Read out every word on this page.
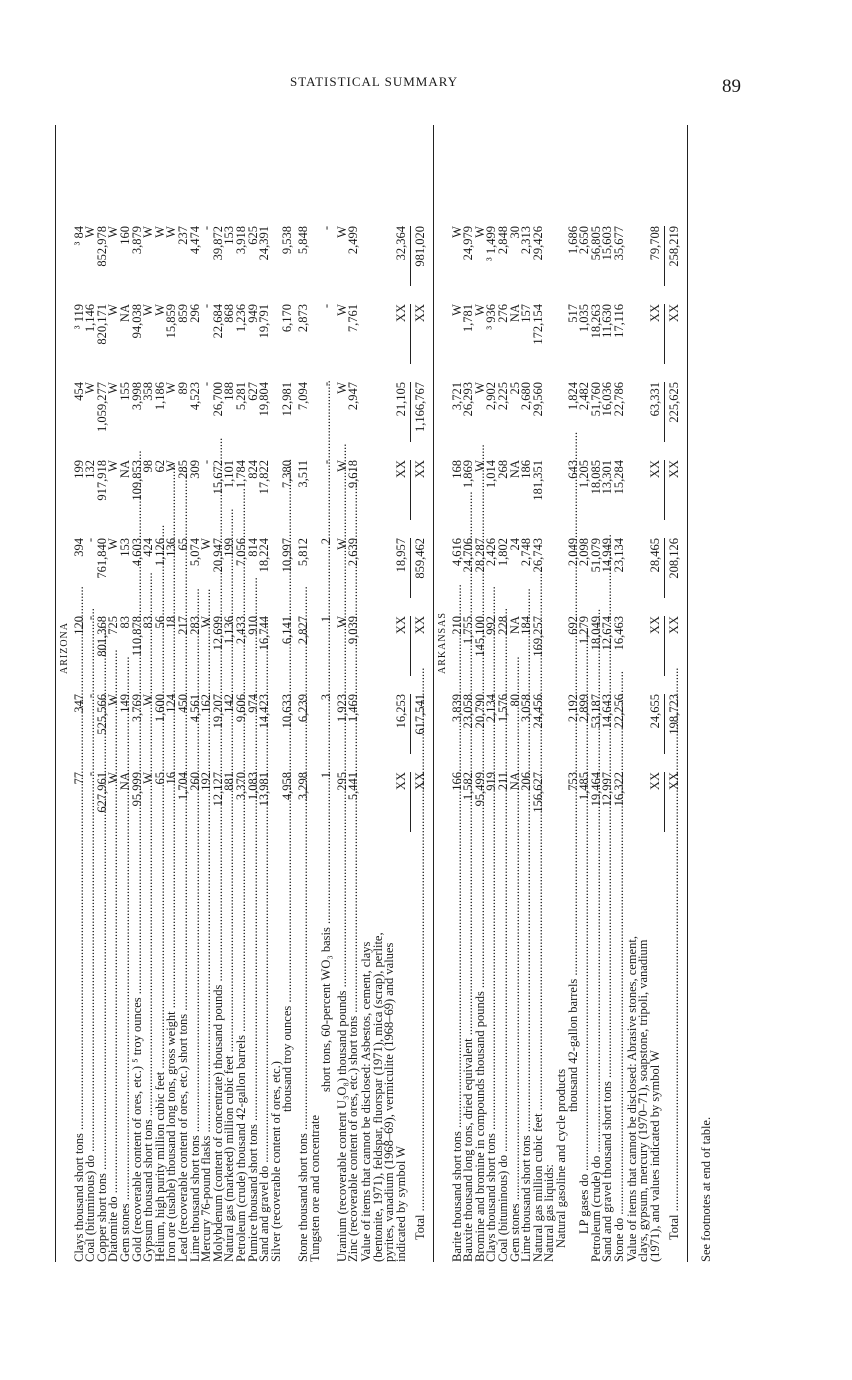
STATISTICAL SUMMARY	89
ARIZONA
Clays thousand short tons .....
77
347
120
394
199
454
³ 119
³ 84
Coal (bituminous) do .....
-
-
-
-
132
W
1,146
W
Copper short tons .....
627,961
525,566
801,368
761,840
917,918
1,059,277
820,171
852,978
Diatomite do .....
W
W
725
W
W
W
W
W
Gem stones .....
NA
149
83
153
NA
155
NA
160
Gold (recoverable content of ores, etc.) ⁵ troy ounces .....
95,999
3,769
110,878
4,603
109,853
3,998
94,038
3,879
Gypsum thousand short tons .....
W
W
83
424
98
358
W
W
Helium, high purity million cubic feet .....
65
1,600
56
1,126
62
1,186
W
W
Iron ore (usable) thousand long tons, gross weight .....
16
124
18
136
W
W
15,859
W
Lead (recoverable content of ores, etc.) short tons .....
1,704
450
217
65
285
89
859
237
Lime thousand short tons .....
260
4,561
283
5,074
309
4,523
296
4,474
Mercury 76-pound flasks .....
192
162
W
W
-
-
-
-
Molybdenum (content of concentrate) thousand pounds .....
12,127
19,207
12,699
20,947
15,672
26,700
22,684
39,872
Natural gas (marketed) million cubic feet .....
881
142
1,136
199
1,101
188
868
153
Petroleum (crude) thousand 42-gallon barrels .....
3,370
9,606
2,433
7,056
1,784
5,281
1,236
3,918
Pumice thousand short tons .....
1,083
974
910
814
824
627
949
625
Sand and gravel do .....
13,981
14,423
16,744
18,224
17,822
19,804
19,791
24,391
Silver (recoverable content of ores, etc.)
thousand troy ounces .....
4,958
10,633
6,141
10,997
7,380
12,981
6,170
9,538
Stone thousand short tons .....
3,298
6,239
2,827
5,812
3,511
7,094
2,873
5,848
Tungsten ore and concentrate
short tons, 60-percent WO₃ basis .....
1
3
1
2
-
-
-
-
Uranium (recoverable content U₃O₈) thousand pounds .....
295
1,923
W
W
W
W
W
W
Zinc (recoverable content of ores, etc.) short tons .....
5,441
1,469
9,039
2,639
9,618
2,947
7,761
2,499
Value of items that cannot be disclosed: Asbestos, cement, clays (bentonite, 1971), feldspar, fluorspar (1971), mica (scrap), perlite, pyrites, vanadium (1968–69), vermiculite (1968–69) and values indicated by symbol W
XX
16,253
XX
18,957
XX
21,105
XX
32,364
Total .....
XX
617,541
XX
859,462
XX
1,166,767
XX
981,020
ARKANSAS
Barite thousand short tons .....
166
3,839
210
4,616
168
3,721
W
W
Bauxite thousand long tons, dried equivalent .....
1,582
23,058
1,755
24,706
1,869
26,293
1,781
24,979
Bromine and bromine in compounds thousand pounds .....
95,499
20,790
145,100
28,287
W
W
W
W
Clays thousand short tons .....
919
2,134
992
2,426
1,014
2,902
³ 936
³ 1,499
Coal (bituminous) do .....
211
1,576
228
1,802
268
2,225
276
2,848
Gem stones .....
NA
80
NA
24
NA
25
NA
30
Lime thousand short tons .....
206
3,058
184
2,748
186
2,680
157
2,313
Natural gas million cubic feet .....
156,627
24,456
169,257
26,743
181,351
29,560
172,154
29,426
Natural gas liquids:
Natural gasoline and cycle products
thousand 42-gallon barrels .....
753
2,192
692
2,049
643
1,824
517
1,686
LP gases do .....
1,485
2,899
1,279
2,098
1,205
2,482
1,035
2,650
Petroleum (crude) do .....
19,464
53,187
18,049
51,079
18,085
51,760
18,263
56,805
Sand and gravel thousand short tons .....
12,997
14,643
12,674
14,949
13,301
16,036
11,630
15,603
Stone do .....
16,322
22,256
16,463
23,134
15,284
22,786
17,116
35,677
Value of items that cannot be disclosed: Abrasive stones, cement, clays, gypsum, mercury (1970–71), soapstone, tripoli, vanadium (1971), and values indicated by symbol W
XX
24,655
XX
28,465
XX
63,331
XX
79,708
Total .....
XX
198,723
XX
208,126
XX
225,625
XX
258,219
See footnotes at end of table.
